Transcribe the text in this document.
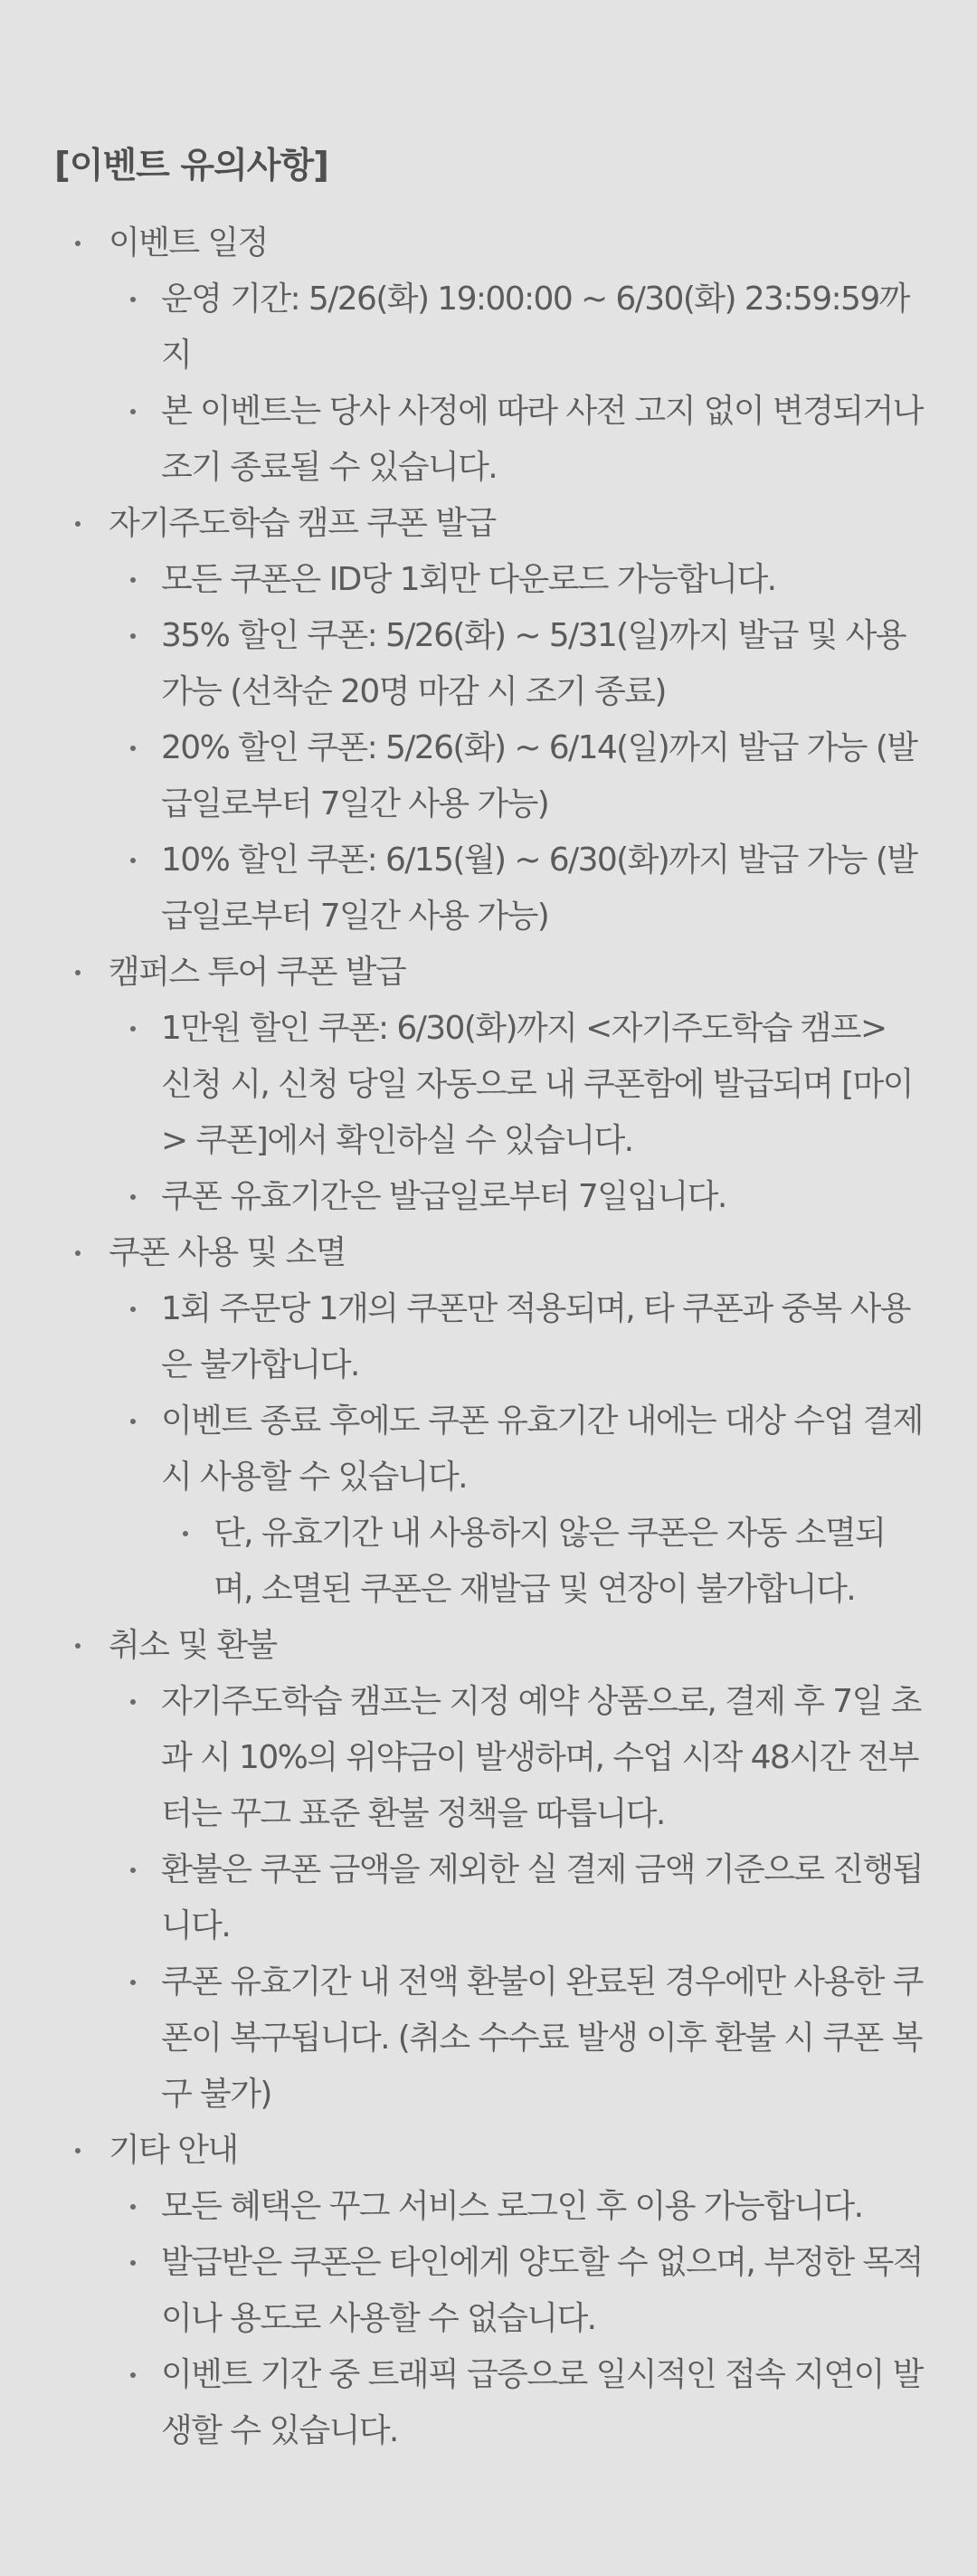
[이벤트 유의사항]
이벤트 일정
운영 기간: 5/26(화) 19:00:00 ~ 6/30(화) 23:59:59까지
본 이벤트는 당사 사정에 따라 사전 고지 없이 변경되거나 조기 종료될 수 있습니다.
자기주도학습 캠프 쿠폰 발급
모든 쿠폰은 ID당 1회만 다운로드 가능합니다.
35% 할인 쿠폰: 5/26(화) ~ 5/31(일)까지 발급 및 사용 가능 (선착순 20명 마감 시 조기 종료)
20% 할인 쿠폰: 5/26(화) ~ 6/14(일)까지 발급 가능 (발급일로부터 7일간 사용 가능)
10% 할인 쿠폰: 6/15(월) ~ 6/30(화)까지 발급 가능 (발급일로부터 7일간 사용 가능)
캠퍼스 투어 쿠폰 발급
1만원 할인 쿠폰: 6/30(화)까지 <자기주도학습 캠프> 신청 시, 신청 당일 자동으로 내 쿠폰함에 발급되며 [마이 > 쿠폰]에서 확인하실 수 있습니다.
쿠폰 유효기간은 발급일로부터 7일입니다.
쿠폰 사용 및 소멸
1회 주문당 1개의 쿠폰만 적용되며, 타 쿠폰과 중복 사용은 불가합니다.
이벤트 종료 후에도 쿠폰 유효기간 내에는 대상 수업 결제 시 사용할 수 있습니다.
단, 유효기간 내 사용하지 않은 쿠폰은 자동 소멸되며, 소멸된 쿠폰은 재발급 및 연장이 불가합니다.
취소 및 환불
자기주도학습 캠프는 지정 예약 상품으로, 결제 후 7일 초과 시 10%의 위약금이 발생하며, 수업 시작 48시간 전부터는 꾸그 표준 환불 정책을 따릅니다.
환불은 쿠폰 금액을 제외한 실 결제 금액 기준으로 진행됩니다.
쿠폰 유효기간 내 전액 환불이 완료된 경우에만 사용한 쿠폰이 복구됩니다. (취소 수수료 발생 이후 환불 시 쿠폰 복구 불가)
기타 안내
모든 혜택은 꾸그 서비스 로그인 후 이용 가능합니다.
발급받은 쿠폰은 타인에게 양도할 수 없으며, 부정한 목적이나 용도로 사용할 수 없습니다.
이벤트 기간 중 트래픽 급증으로 일시적인 접속 지연이 발생할 수 있습니다.
